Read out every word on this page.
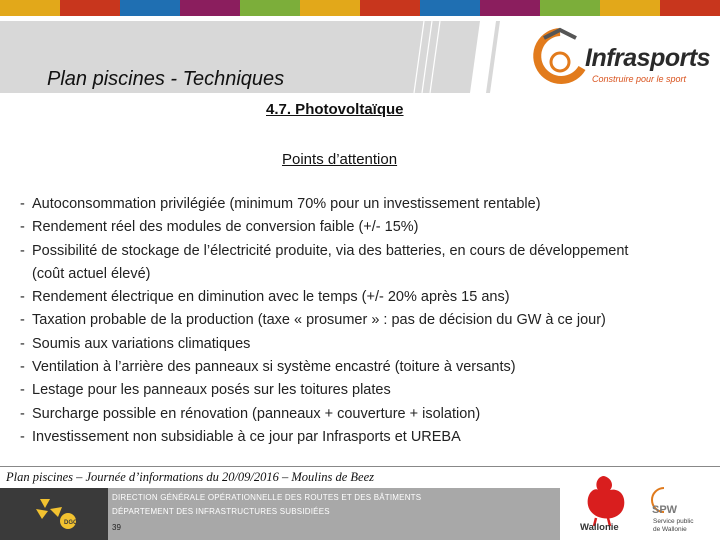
Plan piscines - Techniques
Infrasports
Construire pour le sport
4.7. Photovoltaïque
Points d’attention
- Autoconsommation privilégiée (minimum 70% pour un investissement rentable)
- Rendement réel des modules de conversion faible (+/- 15%)
- Possibilité de stockage de l’électricité produite, via des batteries, en cours de développement
(coût actuel élevé)
- Rendement électrique en diminution avec le temps (+/- 20% après 15 ans)
- Taxation probable de la production (taxe « prosumer » : pas de décision du GW à ce jour)
- Soumis aux variations climatiques
- Ventilation à l’arrière des panneaux si système encastré (toiture à versants)
- Lestage pour les panneaux posés sur les toitures plates
- Surcharge possible en rénovation (panneaux + couverture + isolation)
- Investissement non subsidiable à ce jour par Infrasports et UREBA
Plan piscines – Journée d’informations du 20/09/2016 – Moulins de Beez
DGO 1
DIRECTION GÉNÉRALE OPÉRATIONNELLE DES ROUTES ET DES BÂTIMENTS
DÉPARTEMENT DES INFRASTRUCTURES SUBSIDIÉES
39	Wallonie
SPW
Service public
de Wallonie
